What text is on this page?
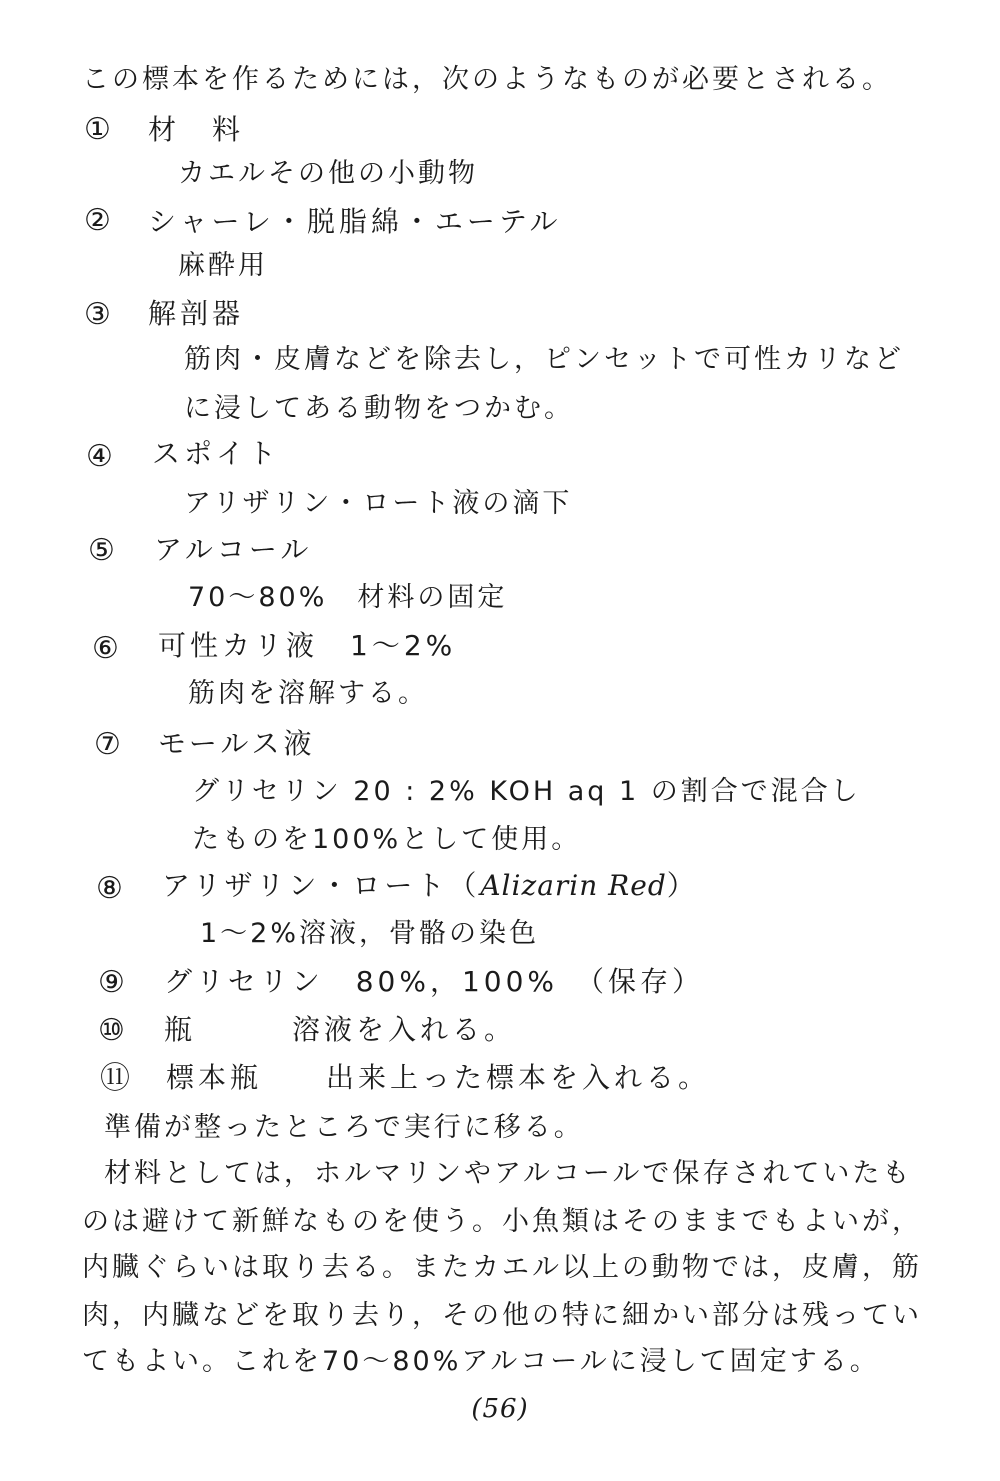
この標本を作るためには，次のようなものが必要とされる。
① 材　料
カエルその他の小動物
② シャーレ・脱脂綿・エーテル
麻酔用
③ 解剖器
筋肉・皮膚などを除去し，ピンセットで可性カリなど
に浸してある動物をつかむ。
④ スポイト
アリザリン・ロート液の滴下
⑤ アルコール
70〜80%　材料の固定
⑥ 可性カリ液　1〜2%
筋肉を溶解する。
⑦ モールス液
グリセリン 20 : 2% KOH aq 1 の割合で混合し
たものを100%として使用。
⑧ アリザリン・ロート（Alizarin Red）
1〜2%溶液，骨骼の染色
⑨ グリセリン　80%，100%　（保存）
⑩ 瓶　　　溶液を入れる。
⑪ 標本瓶　　出来上った標本を入れる。
準備が整ったところで実行に移る。
材料としては，ホルマリンやアルコールで保存されていたも
のは避けて新鮮なものを使う。小魚類はそのままでもよいが，
内臓ぐらいは取り去る。またカエル以上の動物では，皮膚，筋
肉，内臓などを取り去り，その他の特に細かい部分は残ってい
てもよい。これを70〜80%アルコールに浸して固定する。
(56)
